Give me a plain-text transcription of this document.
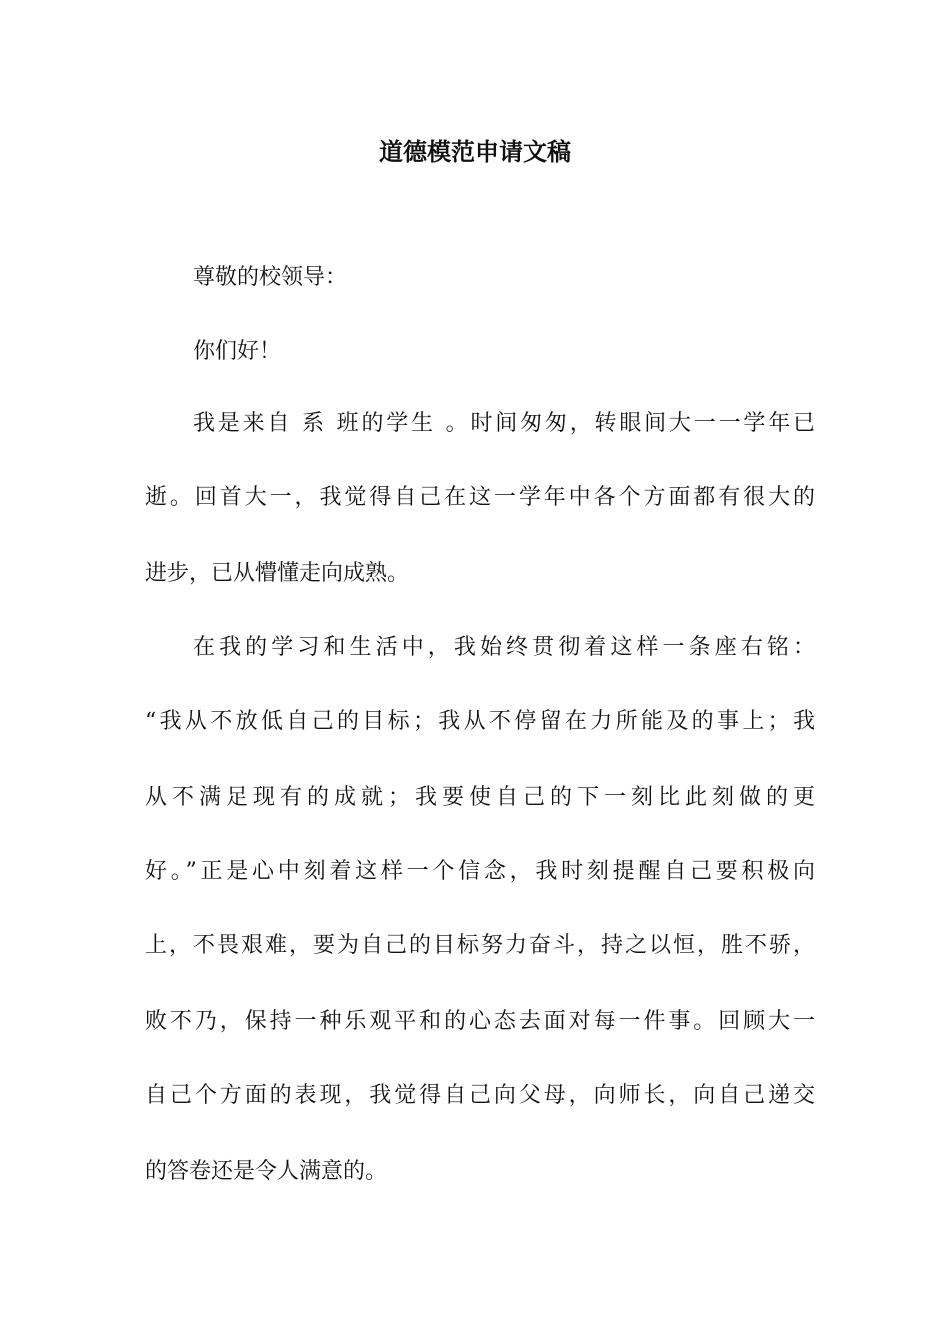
道德模范申请文稿
尊敬的校领导：
你们好！
我是来自 系 班的学生 。时间匆匆，转眼间大一一学年已
逝。回首大一，我觉得自己在这一学年中各个方面都有很大的
进步，已从懵懂走向成熟。
在我的学习和生活中，我始终贯彻着这样一条座右铭：
“我从不放低自己的目标；我从不停留在力所能及的事上；我
从不满足现有的成就；我要使自己的下一刻比此刻做的更
好。”正是心中刻着这样一个信念，我时刻提醒自己要积极向
上，不畏艰难，要为自己的目标努力奋斗，持之以恒，胜不骄，
败不乃，保持一种乐观平和的心态去面对每一件事。回顾大一
自己个方面的表现，我觉得自己向父母，向师长，向自己递交
的答卷还是令人满意的。
